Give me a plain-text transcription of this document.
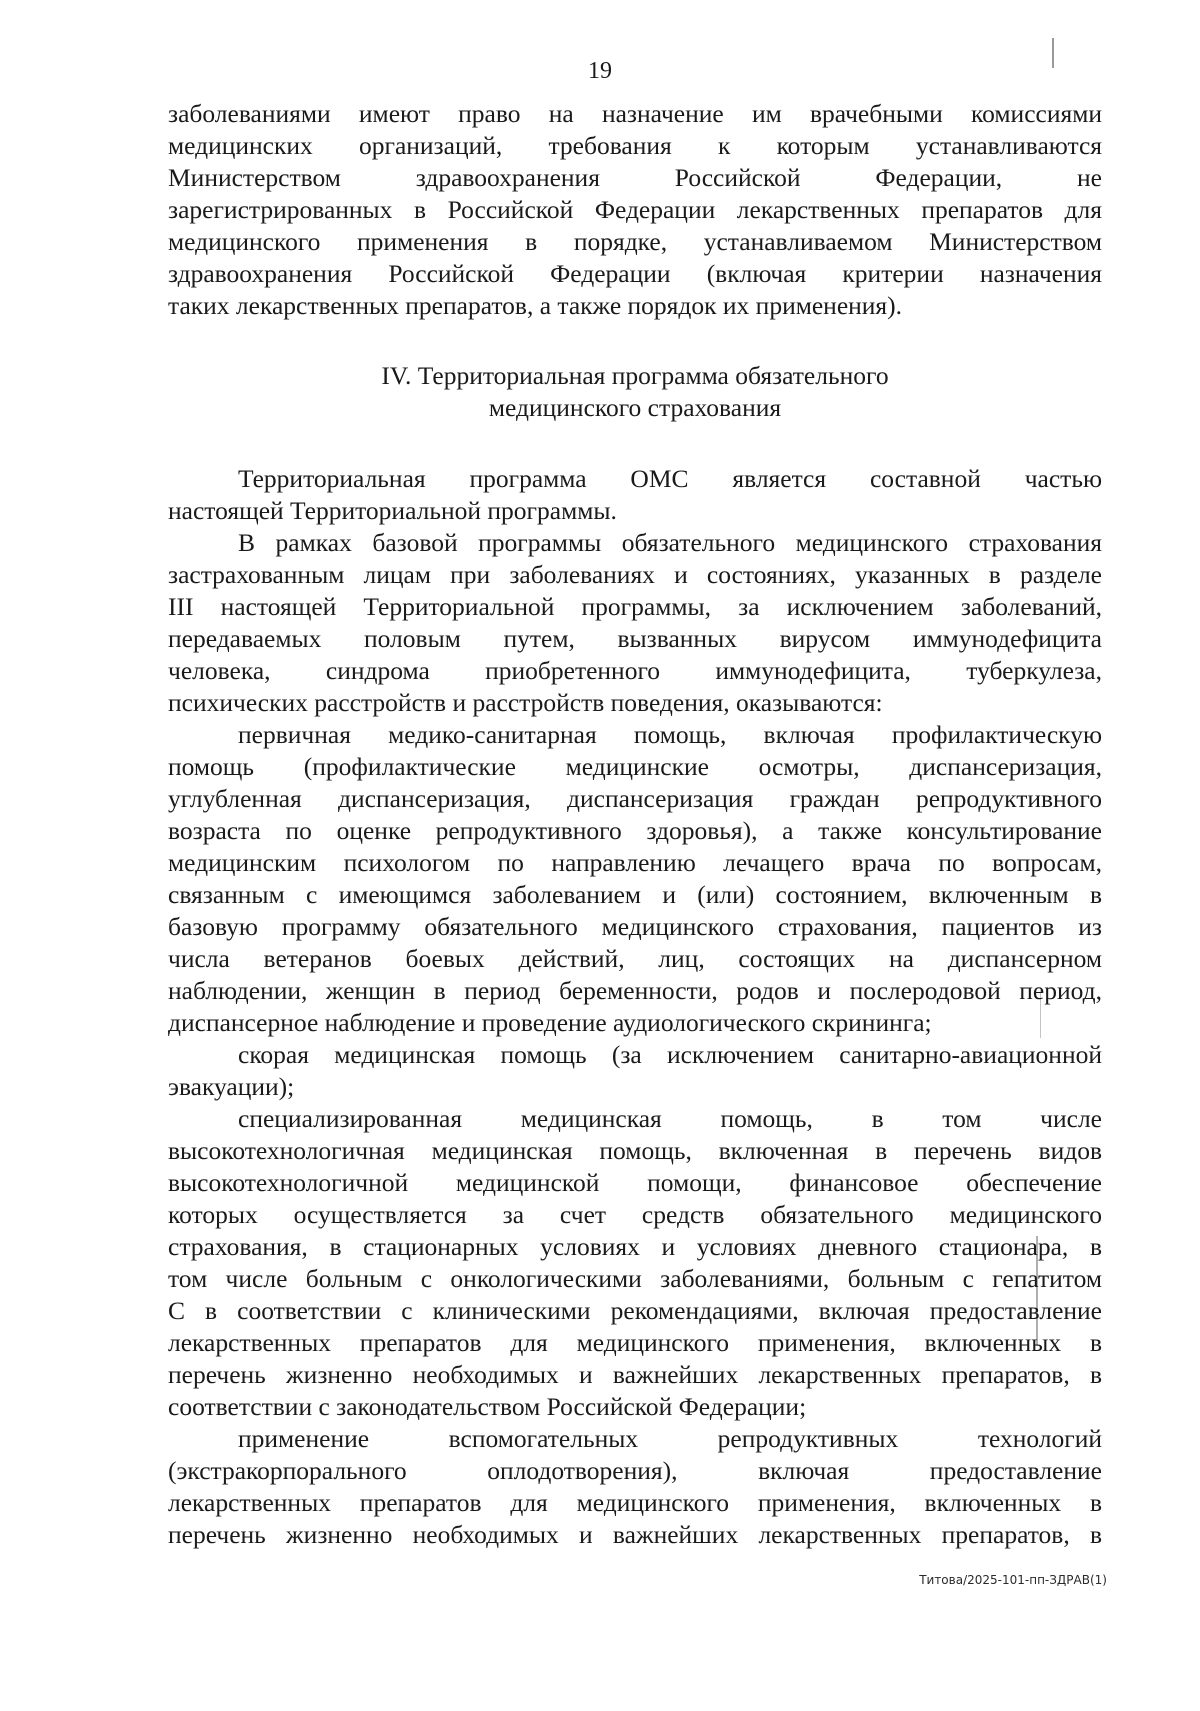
19
заболеваниями имеют право на назначение им врачебными комиссиями
медицинских организаций, требования к которым устанавливаются
Министерством здравоохранения Российской Федерации, не
зарегистрированных в Российской Федерации лекарственных препаратов для
медицинского применения в порядке, устанавливаемом Министерством
здравоохранения Российской Федерации (включая критерии назначения
таких лекарственных препаратов, а также порядок их применения).
IV. Территориальная программа обязательного
медицинского страхования
Территориальная программа ОМС является составной частью
настоящей Территориальной программы.
В рамках базовой программы обязательного медицинского страхования
застрахованным лицам при заболеваниях и состояниях, указанных в разделе
III настоящей Территориальной программы, за исключением заболеваний,
передаваемых половым путем, вызванных вирусом иммунодефицита
человека, синдрома приобретенного иммунодефицита, туберкулеза,
психических расстройств и расстройств поведения, оказываются:
первичная медико-санитарная помощь, включая профилактическую
помощь (профилактические медицинские осмотры, диспансеризация,
углубленная диспансеризация, диспансеризация граждан репродуктивного
возраста по оценке репродуктивного здоровья), а также консультирование
медицинским психологом по направлению лечащего врача по вопросам,
связанным с имеющимся заболеванием и (или) состоянием, включенным в
базовую программу обязательного медицинского страхования, пациентов из
числа ветеранов боевых действий, лиц, состоящих на диспансерном
наблюдении, женщин в период беременности, родов и послеродовой период,
диспансерное наблюдение и проведение аудиологического скрининга;
скорая медицинская помощь (за исключением санитарно-авиационной
эвакуации);
специализированная медицинская помощь, в том числе
высокотехнологичная медицинская помощь, включенная в перечень видов
высокотехнологичной медицинской помощи, финансовое обеспечение
которых осуществляется за счет средств обязательного медицинского
страхования, в стационарных условиях и условиях дневного стационара, в
том числе больным с онкологическими заболеваниями, больным с гепатитом
С в соответствии с клиническими рекомендациями, включая предоставление
лекарственных препаратов для медицинского применения, включенных в
перечень жизненно необходимых и важнейших лекарственных препаратов, в
соответствии с законодательством Российской Федерации;
применение вспомогательных репродуктивных технологий
(экстракорпорального оплодотворения), включая предоставление
лекарственных препаратов для медицинского применения, включенных в
перечень жизненно необходимых и важнейших лекарственных препаратов, в
Титова/2025-101-пп-ЗДРАВ(1)
